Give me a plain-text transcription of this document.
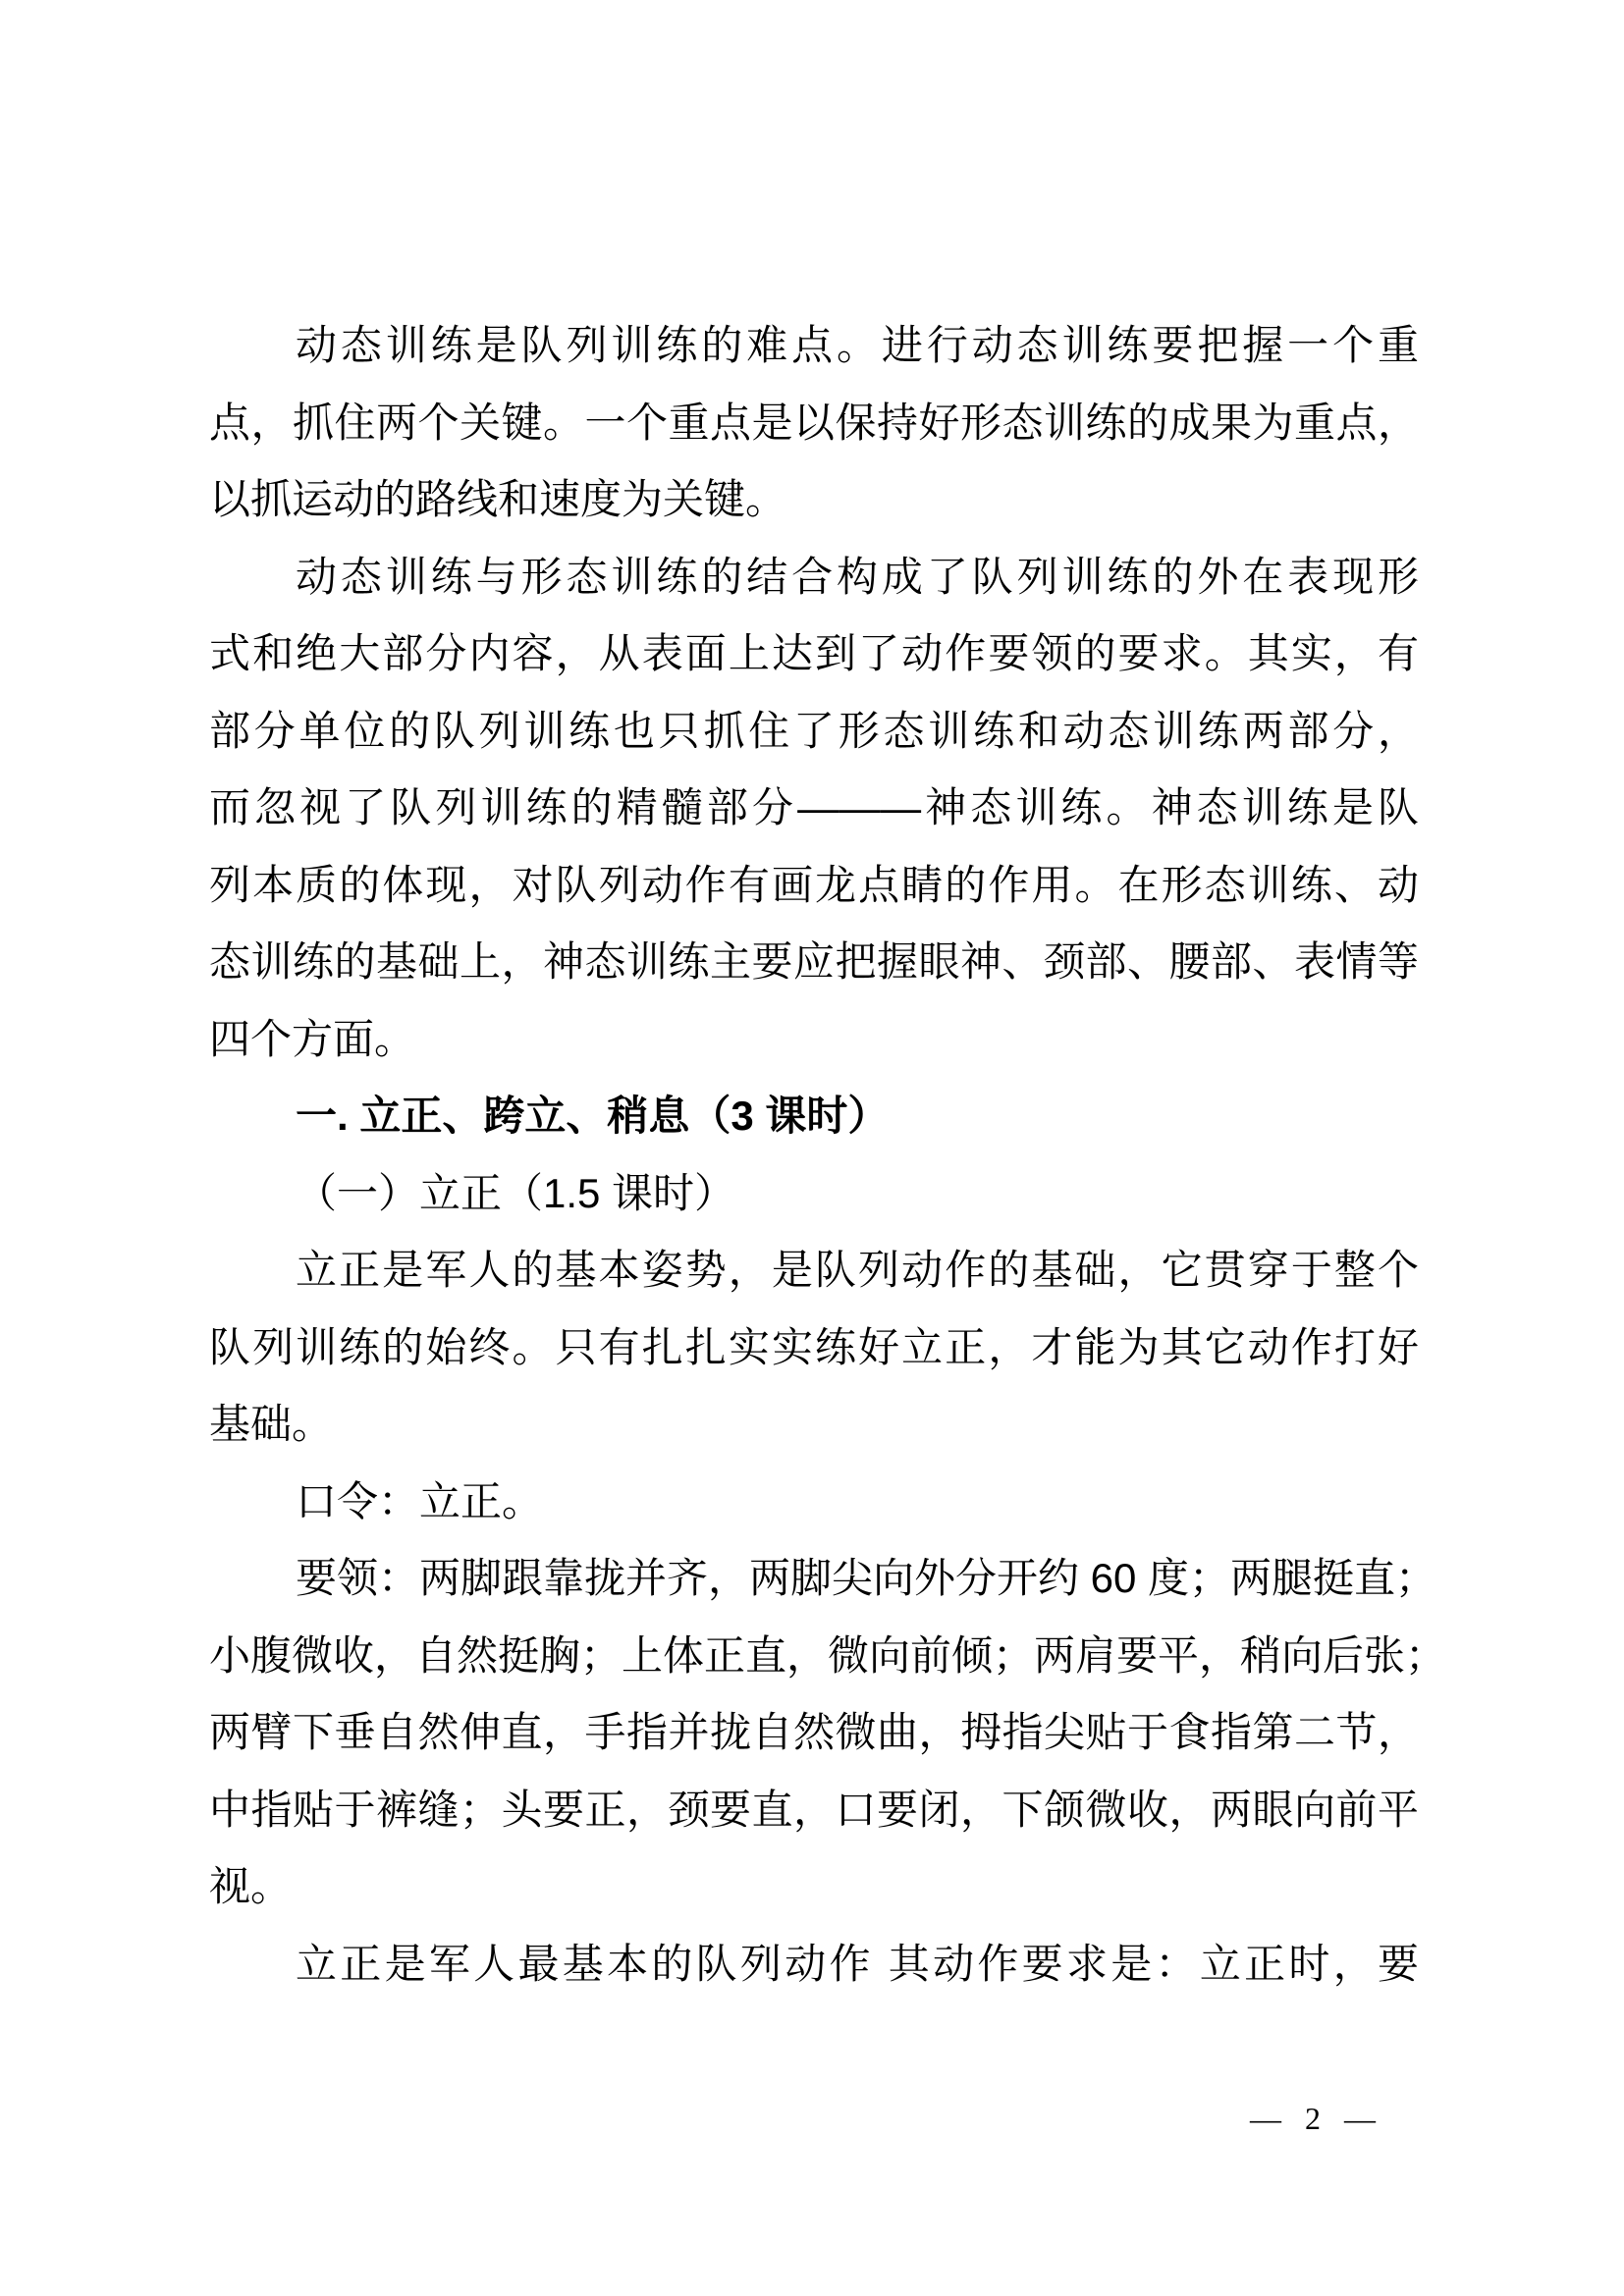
动态训练是队列训练的难点。进行动态训练要把握一个重
点，抓住两个关键。一个重点是以保持好形态训练的成果为重点，
以抓运动的路线和速度为关键。
动态训练与形态训练的结合构成了队列训练的外在表现形
式和绝大部分内容，从表面上达到了动作要领的要求。其实，有
部分单位的队列训练也只抓住了形态训练和动态训练两部分，
而忽视了队列训练的精髓部分———神态训练。神态训练是队
列本质的体现，对队列动作有画龙点睛的作用。在形态训练、动
态训练的基础上，神态训练主要应把握眼神、颈部、腰部、表情等
四个方面。
一. 立正、跨立、稍息（3 课时）
（一）立正（1.5 课时）
立正是军人的基本姿势，是队列动作的基础，它贯穿于整个
队列训练的始终。只有扎扎实实练好立正，才能为其它动作打好
基础。
口令：立正。
要领：两脚跟靠拢并齐，两脚尖向外分开约 60 度；两腿挺直；
小腹微收，自然挺胸；上体正直，微向前倾；两肩要平，稍向后张；
两臂下垂自然伸直，手指并拢自然微曲，拇指尖贴于食指第二节，
中指贴于裤缝；头要正，颈要直，口要闭，下颌微收，两眼向前平
视。
立正是军人最基本的队列动作 其动作要求是：立正时，要
— 2 —
